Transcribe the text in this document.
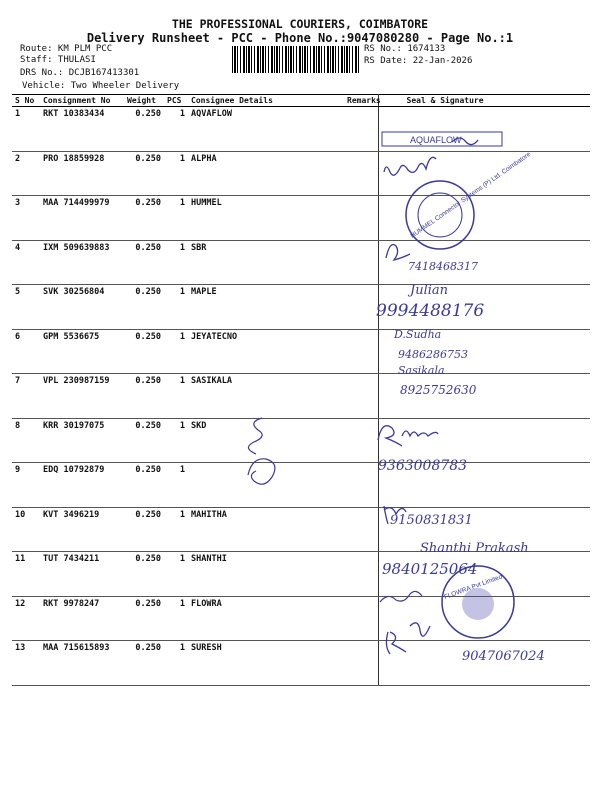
THE PROFESSIONAL COURIERS, COIMBATORE
Delivery Runsheet - PCC - Phone No.:9047080280 - Page No.:1
Route: KM PLM PCC
Staff: THULASI
DRS No.: DCJB167413301
Vehicle: Two Wheeler Delivery
RS No.: 1674133
RS Date: 22-Jan-2026
S No	Consignment No	Weight	PCS	Consignee Details	Remarks	Seal & Signature
1	RKT 10383434	0.250	1	AQVAFLOW		
2	PRO 18859928	0.250	1	ALPHA		
3	MAA 714499979	0.250	1	HUMMEL		
4	IXM 509639883	0.250	1	SBR		
5	SVK 30256804	0.250	1	MAPLE		
6	GPM 5536675	0.250	1	JEYATECNO		
7	VPL 230987159	0.250	1	SASIKALA		
8	KRR 30197075	0.250	1	SKD		
9	EDQ 10792879	0.250	1			
10	KVT 3496219	0.250	1	MAHITHA		
11	TUT 7434211	0.250	1	SHANTHI		
12	RKT 9978247	0.250	1	FLOWRA		
13	MAA 715615893	0.250	1	SURESH		
AQUAFLOW
HUMMEL Connector Systems (P) Ltd. Coimbatore
7418468317
Julian
9994488176
D.Sudha
9486286753
Sasikala
8925752630
9363008783
9150831831
Shanthi Prakash
9840125064
FLOWRA Pvt Limited
9047067024
